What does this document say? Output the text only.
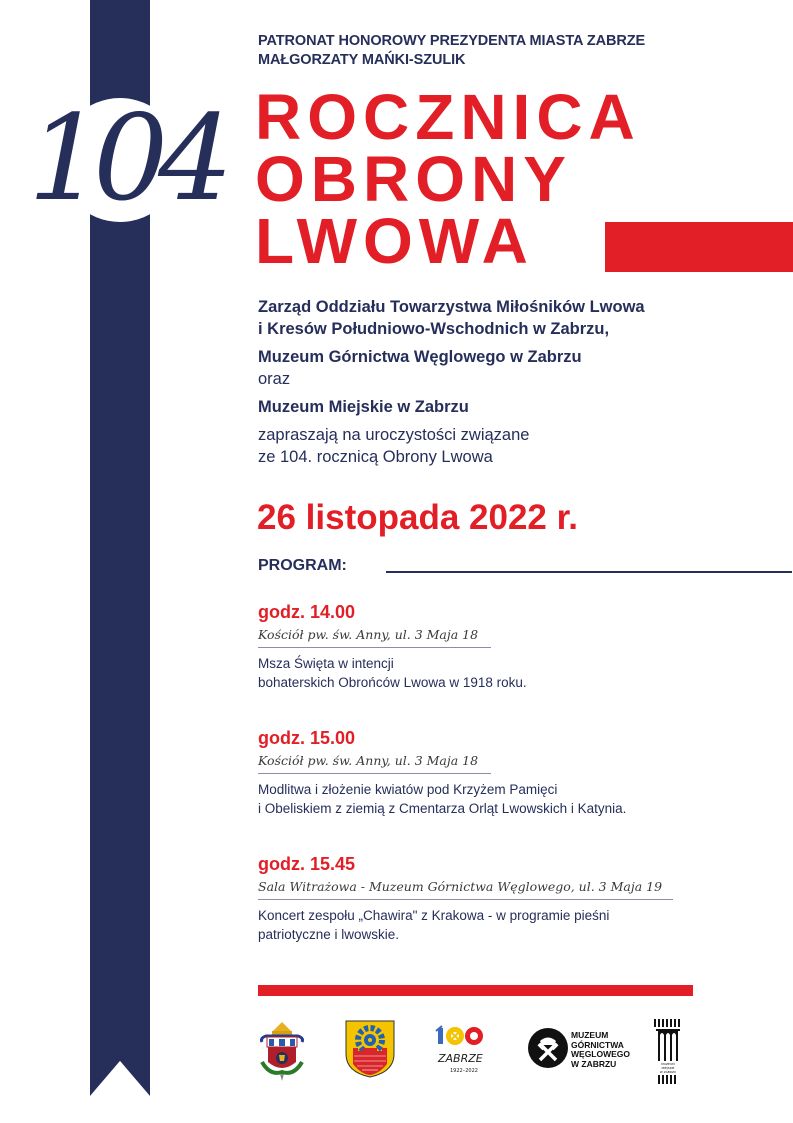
104
PATRONAT HONOROWY PREZYDENTA MIASTA ZABRZE
MAŁGORZATY MAŃKI-SZULIK
ROCZNICA
OBRONY
LWOWA
Zarząd Oddziału Towarzystwa Miłośników Lwowa
i Kresów Południowo-Wschodnich w Zabrzu,
Muzeum Górnictwa Węglowego w Zabrzu
oraz
Muzeum Miejskie w Zabrzu
zapraszają na uroczystości związane
ze 104. rocznicą Obrony Lwowa
26 listopada 2022 r.
PROGRAM:
godz. 14.00
Kościół pw. św. Anny, ul. 3 Maja 18
Msza Święta w intencji
bohaterskich Obrońców Lwowa w 1918 roku.
godz. 15.00
Kościół pw. św. Anny, ul. 3 Maja 18
Modlitwa i złożenie kwiatów pod Krzyżem Pamięci
i Obeliskiem z ziemią z Cmentarza Orląt Lwowskich i Katynia.
godz. 15.45
Sala Witrażowa - Muzeum Górnictwa Węglowego, ul. 3 Maja 19
Koncert zespołu „Chawira" z Krakowa - w programie pieśni
patriotyczne i lwowskie.
ZABRZE
1922–2022
MUZEUM
GÓRNICTWA
WĘGLOWEGO
W ZABRZU	MUZEUM
MIEJSKIE
W ZABRZU
